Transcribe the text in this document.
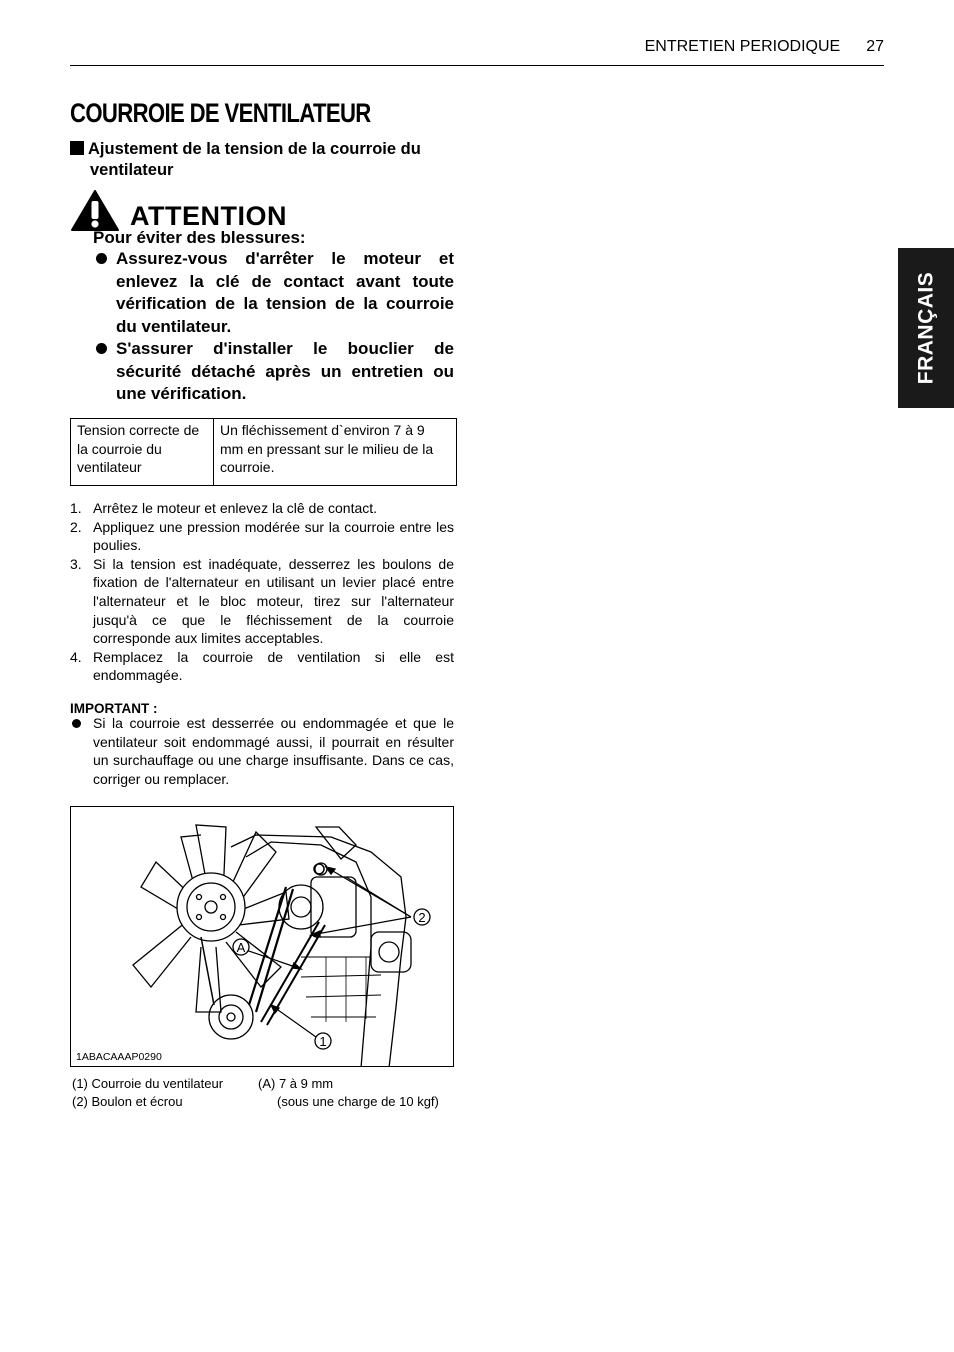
ENTRETIEN PERIODIQUE 27
FRANÇAIS
COURROIE DE VENTILATEUR
Ajustement de la tension de la courroie du
ventilateur
ATTENTION
Pour éviter des blessures:
Assurez-vous d'arrêter le moteur et enlevez la clé de contact avant toute vérification de la tension de la courroie du ventilateur.
S'assurer d'installer le bouclier de sécurité détaché après un entretien ou une vérification.
Tension correcte de la courroie du ventilateur	Un fléchissement d`environ 7 à 9 mm en pressant sur le milieu de la courroie.
1. Arrêtez le moteur et enlevez la clê de contact.
2. Appliquez une pression modérée sur la courroie entre les poulies.
3. Si la tension est inadéquate, desserrez les boulons de fixation de l'alternateur en utilisant un levier placé entre l'alternateur et le bloc moteur, tirez sur l'alternateur jusqu'à ce que le fléchissement de la courroie corresponde aux limites acceptables.
4. Remplacez la courroie de ventilation si elle est endommagée.
IMPORTANT :
Si la courroie est desserrée ou endommagée et que le ventilateur soit endommagé aussi, il pourrait en résulter un surchauffage ou une charge insuffisante. Dans ce cas, corriger ou remplacer.
2
A
1
1ABACAAAP0290
(1) Courroie du ventilateur	(A) 7 à 9 mm
(2) Boulon et écrou	(sous une charge de 10 kgf)
